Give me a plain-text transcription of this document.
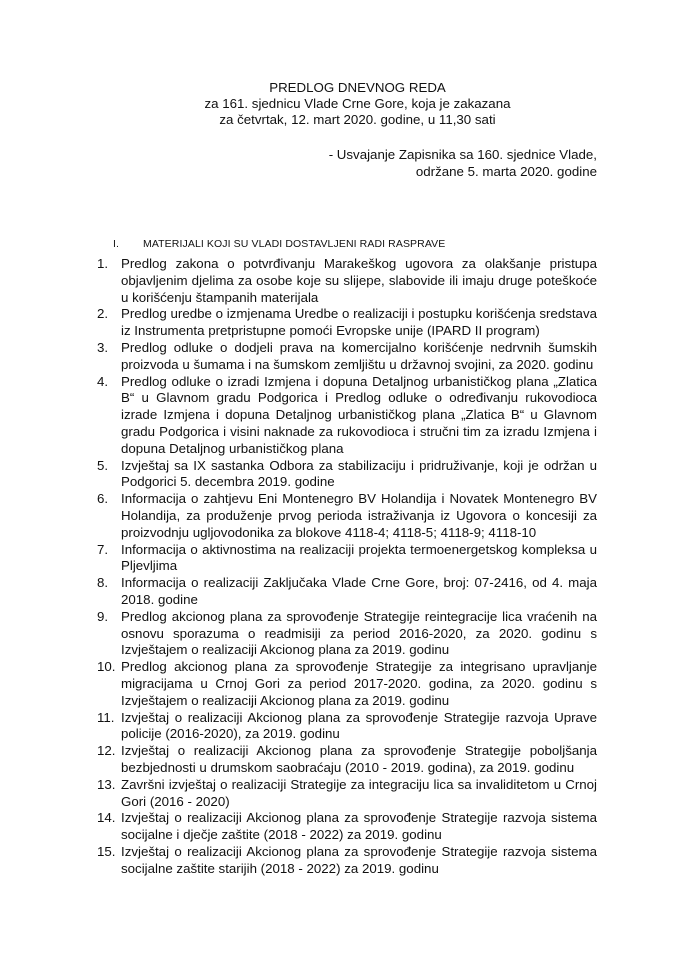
PREDLOG DNEVNOG REDA
za 161. sjednicu Vlade Crne Gore, koja je zakazana
za četvrtak, 12. mart 2020. godine, u 11,30 sati
- Usvajanje Zapisnika sa 160. sjednice Vlade,
održane 5. marta 2020. godine
I. MATERIJALI KOJI SU VLADI DOSTAVLJENI RADI RASPRAVE
1. Predlog zakona o potvrđivanju Marakeškog ugovora za olakšanje pristupa objavljenim djelima za osobe koje su slijepe, slabovide ili imaju druge poteškoće u korišćenju štampanih materijala
2. Predlog uredbe o izmjenama Uredbe o realizaciji i postupku korišćenja sredstava iz Instrumenta pretpristupne pomoći Evropske unije (IPARD II program)
3. Predlog odluke o dodjeli prava na komercijalno korišćenje nedrvnih šumskih proizvoda u šumama i na šumskom zemljištu u državnoj svojini, za 2020. godinu
4. Predlog odluke o izradi Izmjena i dopuna Detaljnog urbanističkog plana „Zlatica B“ u Glavnom gradu Podgorica i Predlog odluke o određivanju rukovodioca izrade Izmjena i dopuna Detaljnog urbanističkog plana „Zlatica B“ u Glavnom gradu Podgorica i visini naknade za rukovodioca i stručni tim za izradu Izmjena i dopuna Detaljnog urbanističkog plana
5. Izvještaj sa IX sastanka Odbora za stabilizaciju i pridruživanje, koji je održan u Podgorici 5. decembra 2019. godine
6. Informacija o zahtjevu Eni Montenegro BV Holandija i Novatek Montenegro BV Holandija, za produženje prvog perioda istraživanja iz Ugovora o koncesiji za proizvodnju ugljovodonika za blokove 4118-4; 4118-5; 4118-9; 4118-10
7. Informacija o aktivnostima na realizaciji projekta termoenergetskog kompleksa u Pljevljima
8. Informacija o realizaciji Zaključaka Vlade Crne Gore, broj: 07-2416, od 4. maja 2018. godine
9. Predlog akcionog plana za sprovođenje Strategije reintegracije lica vraćenih na osnovu sporazuma o readmisiji za period 2016-2020, za 2020. godinu s Izvještajem o realizaciji Akcionog plana za 2019. godinu
10. Predlog akcionog plana za sprovođenje Strategije za integrisano upravljanje migracijama u Crnoj Gori za period 2017-2020. godina, za 2020. godinu s Izvještajem o realizaciji Akcionog plana za 2019. godinu
11. Izvještaj o realizaciji Akcionog plana za sprovođenje Strategije razvoja Uprave policije (2016-2020), za 2019. godinu
12. Izvještaj o realizaciji Akcionog plana za sprovođenje Strategije poboljšanja bezbjednosti u drumskom saobraćaju (2010 - 2019. godina), za 2019. godinu
13. Završni izvještaj o realizaciji Strategije za integraciju lica sa invaliditetom u Crnoj Gori (2016 - 2020)
14. Izvještaj o realizaciji Akcionog plana za sprovođenje Strategije razvoja sistema socijalne i dječje zaštite (2018 - 2022) za 2019. godinu
15. Izvještaj o realizaciji Akcionog plana za sprovođenje Strategije razvoja sistema socijalne zaštite starijih (2018 - 2022) za 2019. godinu
